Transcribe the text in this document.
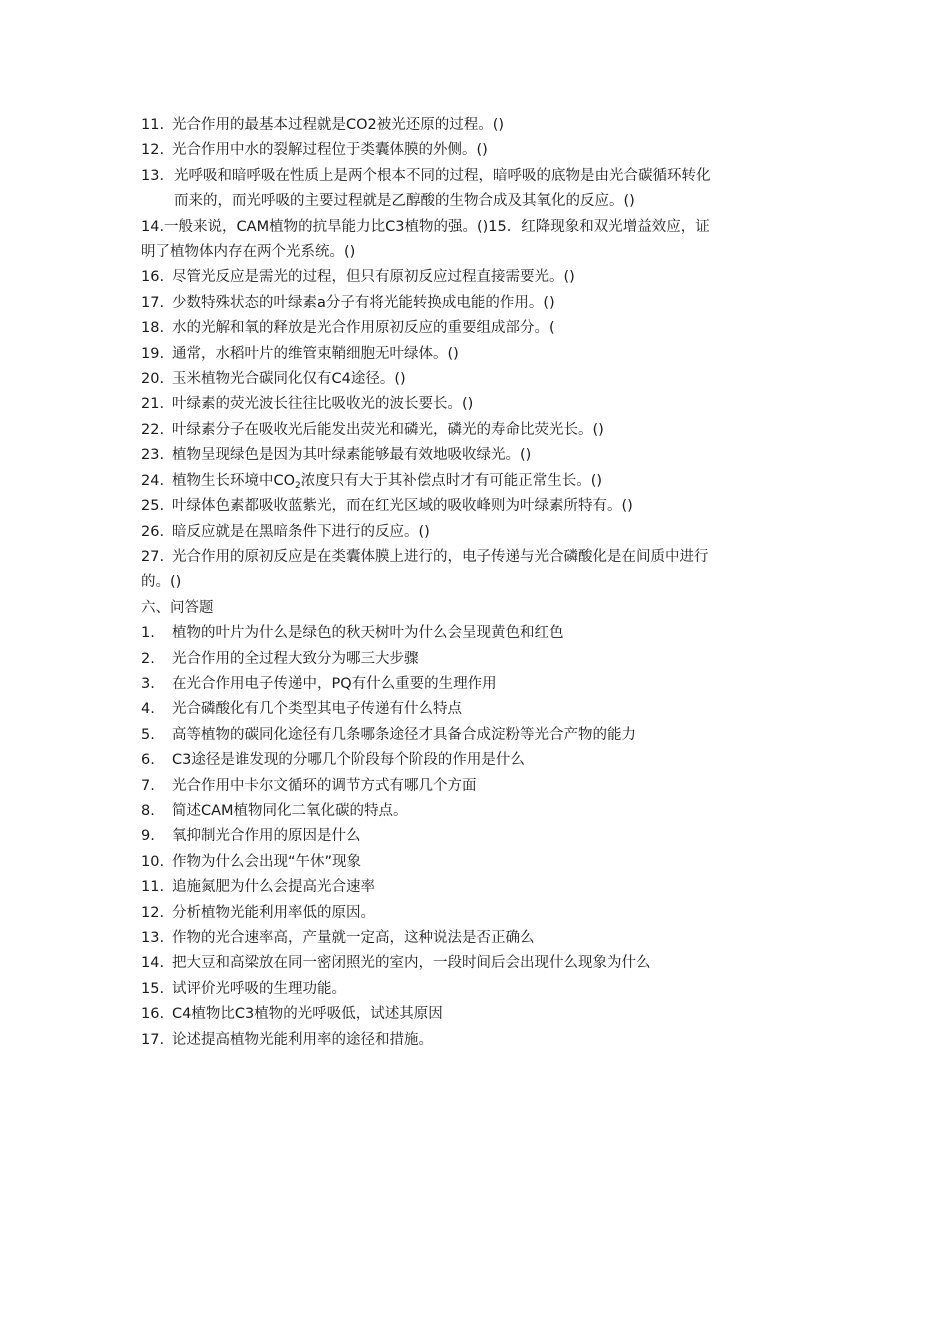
11. 光合作用的最基本过程就是CO2被光还原的过程。()
12. 光合作用中水的裂解过程位于类囊体膜的外侧。()
13． 光呼吸和暗呼吸在性质上是两个根本不同的过程，暗呼吸的底物是由光合碳循环转化
而来的，而光呼吸的主要过程就是乙醇酸的生物合成及其氧化的反应。()
14.一般来说，CAM植物的抗旱能力比C3植物的强。()15．红降现象和双光增益效应，证
明了植物体内存在两个光系统。()
16. 尽管光反应是需光的过程，但只有原初反应过程直接需要光。()
17. 少数特殊状态的叶绿素a分子有将光能转换成电能的作用。()
18. 水的光解和氧的释放是光合作用原初反应的重要组成部分。(
19. 通常，水稻叶片的维管束鞘细胞无叶绿体。()
20. 玉米植物光合碳同化仅有C4途径。()
21. 叶绿素的荧光波长往往比吸收光的波长要长。()
22. 叶绿素分子在吸收光后能发出荧光和磷光，磷光的寿命比荧光长。()
23. 植物呈现绿色是因为其叶绿素能够最有效地吸收绿光。()
24. 植物生长环境中$CO_2$浓度只有大于其补偿点时才有可能正常生长。()
25. 叶绿体色素都吸收蓝紫光，而在红光区域的吸收峰则为叶绿素所特有。()
26. 暗反应就是在黑暗条件下进行的反应。()
27. 光合作用的原初反应是在类囊体膜上进行的，电子传递与光合磷酸化是在间质中进行
的。()
六、问答题
1.	植物的叶片为什么是绿色的秋天树叶为什么会呈现黄色和红色
2.	光合作用的全过程大致分为哪三大步骤
3.	在光合作用电子传递中，PQ有什么重要的生理作用
4.	光合磷酸化有几个类型其电子传递有什么特点
5.	高等植物的碳同化途径有几条哪条途径才具备合成淀粉等光合产物的能力
6.	C3途径是谁发现的分哪几个阶段每个阶段的作用是什么
7.	光合作用中卡尔文循环的调节方式有哪几个方面
8.	简述CAM植物同化二氧化碳的特点。
9.	氧抑制光合作用的原因是什么
10. 作物为什么会出现“午休”现象
11. 追施氮肥为什么会提高光合速率
12. 分析植物光能利用率低的原因。
13. 作物的光合速率高，产量就一定高，这种说法是否正确么
14. 把大豆和高梁放在同一密闭照光的室内，一段时间后会出现什么现象为什么
15. 试评价光呼吸的生理功能。
16. C4植物比C3植物的光呼吸低，试述其原因
17. 论述提高植物光能利用率的途径和措施。
